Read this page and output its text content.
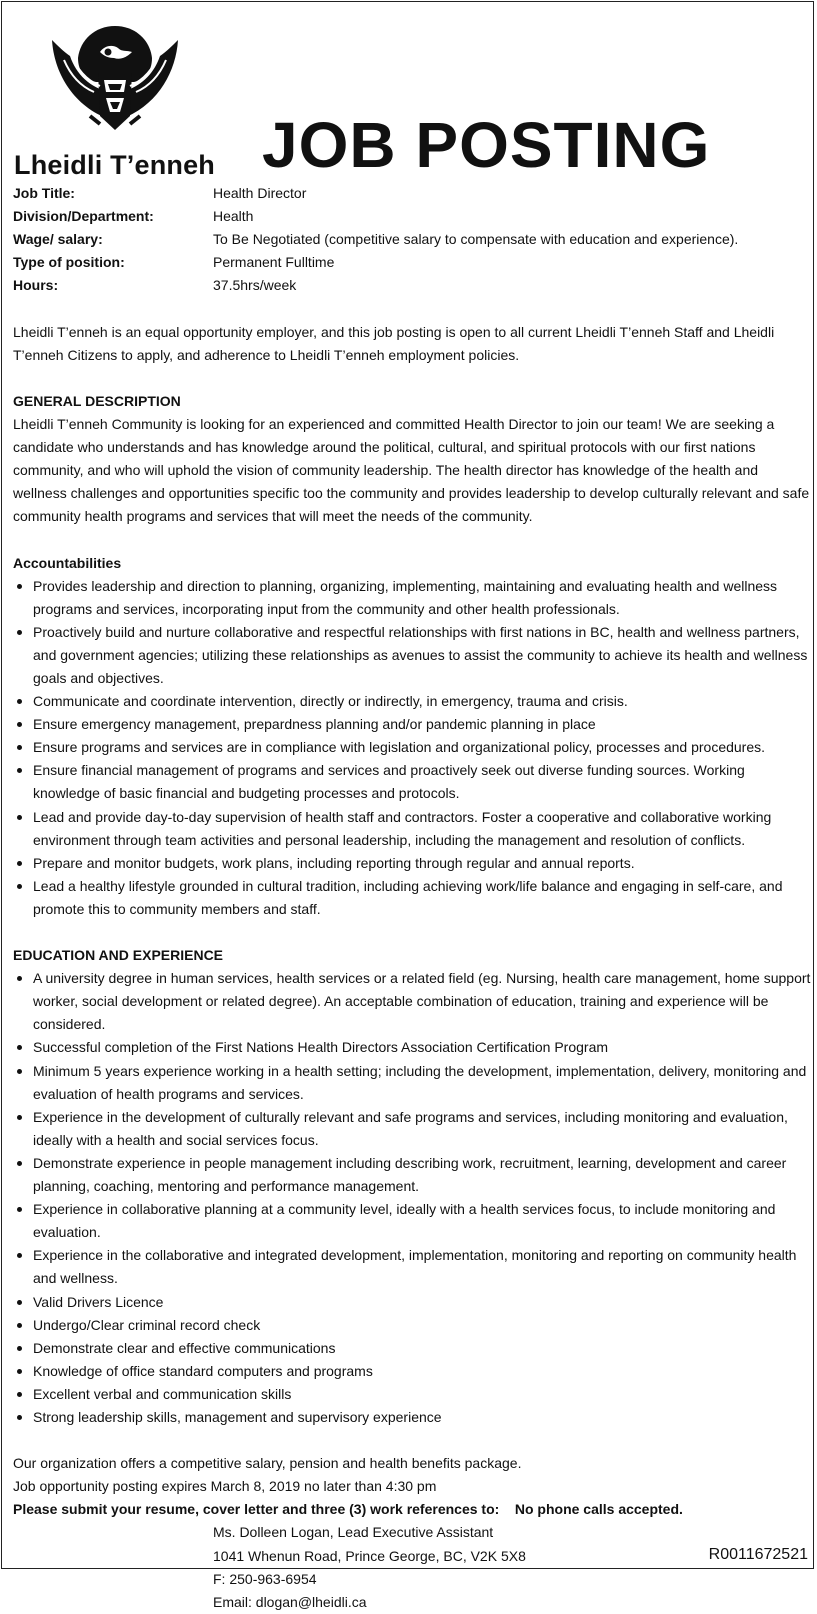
Lheidli T’enneh JOB POSTING
Job Title:	Health Director
Division/Department:	Health
Wage/ salary:	To Be Negotiated (competitive salary to compensate with education and experience).
Type of position:	Permanent Fulltime
Hours:	37.5hrs/week

Lheidli T’enneh is an equal opportunity employer, and this job posting is open to all current Lheidli T’enneh Staff and Lheidli T’enneh Citizens to apply, and adherence to Lheidli T’enneh employment policies.

GENERAL DESCRIPTION

Lheidli T’enneh Community is looking for an experienced and committed Health Director to join our team! We are seeking a candidate who understands and has knowledge around the political, cultural, and spiritual protocols with our first nations community, and who will uphold the vision of community leadership. The health director has knowledge of the health and wellness challenges and opportunities specific too the community and provides leadership to develop culturally relevant and safe community health programs and services that will meet the needs of the community.

Accountabilities

Provides leadership and direction to planning, organizing, implementing, maintaining and evaluating health and wellness programs and services, incorporating input from the community and other health professionals.
Proactively build and nurture collaborative and respectful relationships with first nations in BC, health and wellness partners, and government agencies; utilizing these relationships as avenues to assist the community to achieve its health and wellness goals and objectives.
Communicate and coordinate intervention, directly or indirectly, in emergency, trauma and crisis.
Ensure emergency management, prepardness planning and/or pandemic planning in place
Ensure programs and services are in compliance with legislation and organizational policy, processes and procedures.
Ensure financial management of programs and services and proactively seek out diverse funding sources. Working knowledge of basic financial and budgeting processes and protocols.
Lead and provide day-to-day supervision of health staff and contractors. Foster a cooperative and collaborative working environment through team activities and personal leadership, including the management and resolution of conflicts.
Prepare and monitor budgets, work plans, including reporting through regular and annual reports.
Lead a healthy lifestyle grounded in cultural tradition, including achieving work/life balance and engaging in self-care, and promote this to community members and staff.

EDUCATION AND EXPERIENCE

A university degree in human services, health services or a related field (eg. Nursing, health care management, home support worker, social development or related degree). An acceptable combination of education, training and experience will be considered.
Successful completion of the First Nations Health Directors Association Certification Program
Minimum 5 years experience working in a health setting; including the development, implementation, delivery, monitoring and evaluation of health programs and services.
Experience in the development of culturally relevant and safe programs and services, including monitoring and evaluation, ideally with a health and social services focus.
Demonstrate experience in people management including describing work, recruitment, learning, development and career planning, coaching, mentoring and performance management.
Experience in collaborative planning at a community level, ideally with a health services focus, to include monitoring and evaluation.
Experience in the collaborative and integrated development, implementation, monitoring and reporting on community health and wellness.
Valid Drivers Licence
Undergo/Clear criminal record check
Demonstrate clear and effective communications
Knowledge of office standard computers and programs
Excellent verbal and communication skills
Strong leadership skills, management and supervisory experience

Our organization offers a competitive salary, pension and health benefits package.

Job opportunity posting expires March 8, 2019 no later than 4:30 pm

Please submit your resume, cover letter and three (3) work references to: No phone calls accepted.

Ms. Dolleen Logan, Lead Executive Assistant

1041 Whenun Road, Prince George, BC, V2K 5X8

F: 250-963-6954

Email: dlogan@lheidli.ca

R0011672521
